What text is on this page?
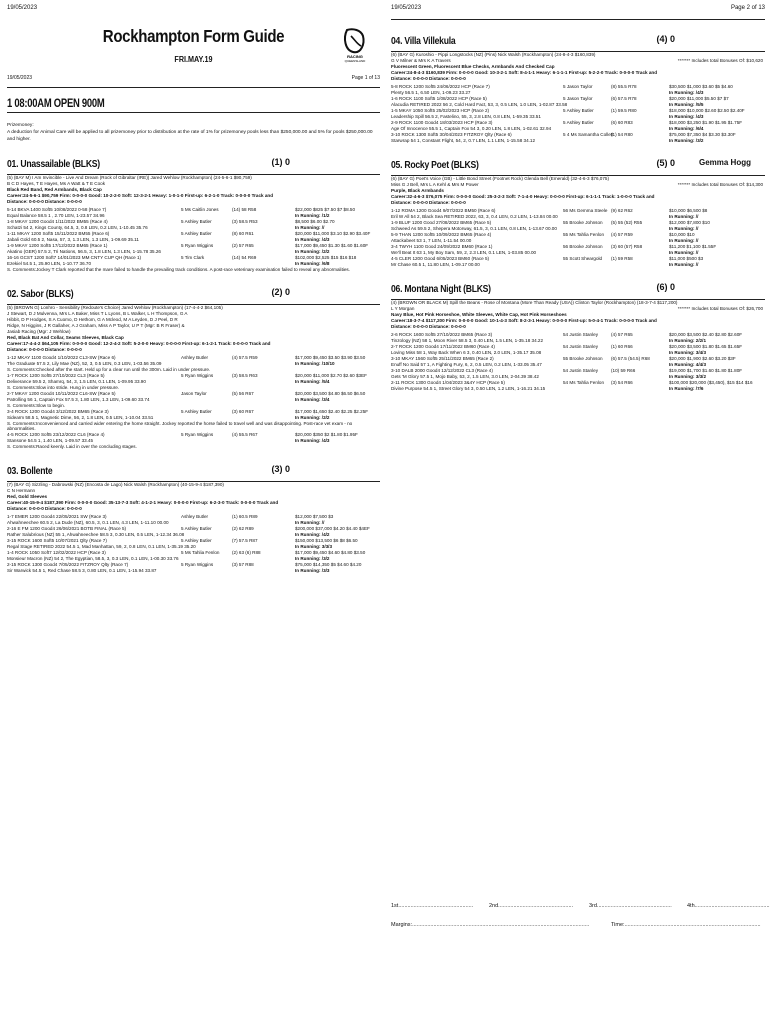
19/05/2023
Rockhampton Form Guide
FRI.MAY.19
19/05/2023	Page 1 of 13
1 08:00AM OPEN 900M
Prizemoney:
A deduction for Animal Care will be applied to all prizemoney prior to distribution at the rate of 1% for prizemoney pools less than $250,000.00 and 5% for pools $250,000.00 and higher.
01. Unassailable (BLKS)	(1) 0
(5) (BAY M) I Am Invincible - Live And Dream (Rock of Gibraltar (IRE)) Jared Wehlow (Rockhampton) (24-5-6-1 $90,759)
B C D Hayes, T E Hayes, Ms A Watt & T E Cook
Black Red Band, Red Armbands, Black Cap
Career:24-5-6-1 $90,759 Firm: 0-0-0-0 Good: 10-2-2-0 Soft: 12-3-2-1 Heavy: 1-0-1-0 First-up: 6-2-1-0 Track: 0-0-0-0 Track and
Distance: 0-0-0-0 Distance: 0-0-0-0
5-14 BKVA 1400 Soft5 10/08/2022 0-58 (Race 7)	5 Ms Caitlin Jones	(14) 58 R58	$22,000 $825 $7.50 $7 $8.50
Equal Balance 58.5 1 , 2.70 LEN, 1-23.57 34.96	In Running: /1/2
1-8 MKAY 1200 Good4 1/11/2022 BM55 (Race 4)	5 Ashley Butler	(3) 58.5 R53	$8,500 $6.00 $2.70
Schatzi 54 2, Kings County, 64.5, 3, 0.8 LEN, 0.2 LEN, 1-10.45 35.76	In Running: //
1-11 MKAY 1200 Soft5 15/11/2022 BM55 (Race 6)	5 Ashley Butler	(8) 60 R61	$20,000 $11,000 $3.10 $2.90 $3.40F
Jabali Gold 60.5 2, Nasa, 57, 3, 1.3 LEN, 1.3 LEN, 1-09.69 35.11	In Running: /4/3
1-9 MKAY 1200 Soft5 17/12/2022 BM65 (Race 1)	5 Ryan Wiggins	(2) 57 R65	$17,000 $9,450 $1.30 $1.60 $1.60F
Akatino (GER) 57.5 2, Tri Nations, 56.5, 3, 1.8 LEN, 1.3 LEN, 1-15.78 35.26	In Running: /2/2
16-16 GCST 1200 Soft7 14/01/2023 MM CNTY CUP QH (Race 1)	5 Tim Clark	(14) 54 R69	$102,000 $2,525 $15 $16 $18
Ezekiel 54.5 1, 25.90 LEN, 1-10.77 36.70	In Running: /6/8
S. Comments:Jockey T Clark reported that the mare failed to handle the prevailing track conditions. A post-race veterinary examination failed to reveal any abnormalities.
02. Sabor (BLKS)	(2) 0
(5) (BROWN G) Lonhro - Sensibility (Redoute's Choice) Jared Wehlow (Rockhampton) (17-4-4-2 $64,105)
J Stewart, D J Mulvenna, Mrs L A Baker, Miss T L Lyons, B L Walker, L H Thompson, G A
Hibbit, D P Hodges, S A Cuomo, D Hethom, G A Mcleod, M A Leyden, D J Peel, D R
Ridge, N Higgins, J R Gallaher, A J Graham, Miss A P Taylor, U P T (Mgr: B R Fraser) &
Jasiab Racing (Mgr: J Wehlow)
Red, Black Bat And Collar, Seams Sleeves, Black Cap
Career:17-4-4-2 $64,105 Firm: 0-0-0-0 Good: 12-2-4-2 Soft: 5-2-0-0 Heavy: 0-0-0-0 First-up: 6-1-2-1 Track: 0-0-0-0 Track and
Distance: 0-0-0-0 Distance: 0-0-0-0
1-12 MKAY 1100 Good4 1/10/2022 CL3-SW (Race 6)	Ashley Butler	(4) 57.5 R59	$17,000 $9,450 $3.50 $3.90 $3.50
The Graduate 57.5 2, Lily Mae (NZ), 52, 3, 0.5 LEN, 0.3 LEN, 1-03.56 35.09	In Running: /10/10
S. Comments:Checked after the start. Held up for a clear run until the 300m. Laid in under pressure.
1-7 ROCK 1200 Soft5 27/10/2022 CL3 (Race 5)	5 Ryan Wiggins	(3) 58.5 R63	$20,000 $11,000 $2.70 $2.60 $3EF
Deliverance 59.5 2, Shamrq, 54, 3, 1.5 LEN, 0.1 LEN, 1-09.95 33.90	In Running: /5/4
S. Comments:Slow into stride. Hung in under pressure.
2-7 MKAY 1200 Good4 10/11/2022 CL6-SW (Race 5)	Jason Taylor	(5) 56 R67	$20,000 $3,500 $4.80 $6.50 $6.50
Patrolling 56 1, Captain Fox 57.5 3, 1.80 LEN, 1.3 LEN, 1-09.60 33.74	In Running: /3/4
S. Comments:Slow to begin.
3-4 ROCK 1200 Good4 3/12/2022 BM65 (Race 3)	5 Ashley Butler	(3) 60 R67	$17,000 $1,650 $2.40 $2.25 $2.25F
Sidearm 58.5 1, Magnetic Dime, 56, 2, 1.8 LEN, 0.5 LEN, 1-10.04 33.51	In Running: /2/2
S. Comments:Inconvenienced and carried wider entering the home straight. Jockey reported the horse failed to travel well and was disappointing. Post-race vet exam - no abnormalities.
4-5 ROCK 1200 Soft5 23/12/2022 CL6 (Race 4)	5 Ryan Wiggins	(4) 55.5 R67	$20,000 $350 $2 $1.80 $1.95F
Stansone 54.5 1, 1.40 LEN, 1-09.57 33.45	In Running: /4/3
S. Comments:Raced keenly. Laid in over the concluding stages.
03. Bollente	(3) 0
(7) (BAY G) Sizzling - Dabrowski (NZ) (Encosta de Lago) Nick Walsh (Rockhampton) (40-15-9-4 $187,390)
C N Hermann
Red, Gold Sleeves
Career:40-15-9-4 $187,390 Firm: 0-0-0-0 Good: 35-13-7-3 Soft: 4-1-2-1 Heavy: 0-0-0-0 First-up: 6-2-3-0 Track: 0-0-0-0 Track and
Distance: 0-0-0-0 Distance: 0-0-0-0
1-7 EMER 1200 Good4 22/05/2021 SW (Race 3)	Ashley Butler	(1) 60.5 R89	$12,000 $7,500 $3
Ahwahneechee 60.5 2, La Dude (NZ), 60.5, 3, 0.1 LEN, 4.3 LEN, 1-11.10 00.00	In Running: //
2-16 E FM 1200 Good4 26/06/2021 BOTB FINAL (Race 5)	5 Ashley Butler	(2) 62 R89	$200,000 $37,000 $4.20 $4.40 $4EF
Rather Salubrious (NZ) 55 1, Ahwahneechee 58.5 3, 0.30 LEN, 0.5 LEN, 1-12.34 36.08	In Running: /4/2
3-15 ROCK 1600 Soft5 10/07/2021 Qlty (Race 7)	5 Ashley Butler	(7) 57.5 R87	$150,000 $13,500 $6 $8 $6.50
Regal Stage RETIRED 2022 54.5 1, Mad Manhattan, 59, 2, 0.8 LEN, 0.1 LEN, 1-35.19 35.20	In Running: 3/3/3
1-4 ROCK 1050 Soft7 12/02/2022 HCP (Race 3)	5 Ms Tahlia Fenlon	(2) 63 (6) R88	$17,000 $9,450 $4.60 $4.80 $3.50
Monsieur Macron (NZ) 54 2, The Egyptian, 58.5, 3, 0.3 LEN, 0.1 LEN, 1-00.30 33.76	In Running: /3/2
2-15 ROCK 1300 Good4 7/05/2022 FITZROY Qlty (Race 7)	5 Ryan Wiggins	(3) 57 R88	$75,000 $14,350 $5 $4.60 $4.20
Sir Warwick 54.5 1, Red Chase 58.5 3, 0.80 LEN, 0.1 LEN, 1-15.94 33.87	In Running: /3/3
RACING
QUEENSLAND
19/05/2023	Page 2 of 13
04. Villa Villekula	(4) 0
(6) (BAY G) Kuroshio - Pippi Longstocks (NZ) (Pins) Nick Walsh (Rockhampton) (24-8-4-3 $160,839)
G V Milner & Mrs K A Travers	******* Includes total Bonuses Of: $10,620
Fluorescent Green, Fluorescent Blue Checks, Armbands And Checked Cap
Career:24-8-4-3 $160,839 Firm: 0-0-0-0 Good: 10-3-2-1 Soft: 8-4-1-1 Heavy: 6-1-1-1 First-up: 5-2-2-0 Track: 0-0-0-0 Track and
Distance: 0-0-0-0 Distance: 0-0-0-0
5-8 ROCK 1200 Soft5 24/06/2022 HCP (Race 7)	5 Jason Taylor	(8) 55.5 R78	$30,500 $1,000 $3.60 $5 $4.60
Plenty 56.5 1, 6.50 LEN, 1-09.23 33.27	In Running: /4/3
1-6 ROCK 1100 Soft5 1/08/2022 HCP (Race 5)	5 Jason Taylor	(6) 57.5 R78	$20,000 $11,000 $5.50 $7 $7
Alacudia RETIRED 2022 56 2, Cold Hard Fact, 53, 3, 0.5 LEN, 1.0 LEN, 1-02.87 33.58	In Running: /5/5
1-5 MKAY 1050 Soft5 25/02/2023 HCP (Race 2)	5 Ashley Butler	(1) 59.5 R80	$18,000 $10,000 $2.60 $2.50 $2.40F
Leadership Spill 56.5 2, Fastelino, 55, 3, 2.8 LEN, 0.8 LEN, 1-59.35 33.51	In Running: /4/3
2-9 ROCK 1100 Good4 18/03/2023 HCP (Race 3)	5 Ashley Butler	(6) 60 R83	$18,000 $3,250 $1.90 $1.95 $1.75F
Age Of Innocence 55.5 1, Captain Fox 54 3, 0.20 LEN, 1.8 LEN, 1-02.61 32.94	In Running: /6/4
3-10 ROCK 1300 Soft5 30/04/2023 FITZROY Qlty (Race 6)	5 4 Ms Samantha Collett
(1) 54 R80	$75,000 $7,350 $4 $3.30 $3.30F
Starwrap 54 1, Constant Flight, 54, 2, 0.7 LEN, 1.1 LEN, 1-15.58 34.12	In Running: /3/2
05. Rocky Poet (BLKS)	(5) 0	Gemma Hogg
(6) (BAY G) Poet's Voice (GB) - Little Bond Street (Footnet Rock) Glenda Bell (Emerald) (32-4-6-3 $76,075)
Miss G J Bell, Mrs L A Kehl & Mrs M Power	******* Includes total Bonuses Of: $14,300
Purple, Black Armbands
Career:32-4-6-3 $76,075 Firm: 0-0-0-0 Good: 25-3-2-3 Soft: 7-1-4-0 Heavy: 0-0-0-0 First-up: 6-1-1-1 Track: 1-0-0-0 Track and
Distance: 0-0-0-0 Distance: 0-0-0-0
1-12 ROMA 1200 Good4 9/07/2022 BM50 (Race 6)	56 Ms Gemma Steele (9) 62 R62	$10,000 $6,500 $8
Eril W All 54 2, Black Sea RETIRED 2022, 63, 3, 0.4 LEN, 0.2 LEN, 1-13.84 00.00	In Running: //
1-9 BLUF 1200 Good 27/08/2022 BM65 (Race 5)	55 Brooke Johnson	(5) 55 (52) R55	$12,000 $7,800 $10
Schweed As 59.5 2, Shepera Motorway, 61.5, 3, 0.1 LEN, 0.8 LEN, 1-13.67 00.00	In Running: //
5-9 THAN 1200 Soft5 10/09/2022 BM65 (Race 4)	55 Ms Tahlia Fenlon	(4) 57 R59	$10,000 $10
Attackabeet 53 1, 7 LEN, 1-11.54 00.00	In Running: //
3-4 TWYH 1100 Good 24/09/2022 BM60 (Race 1)	56 Brooke Johnson	(3) 60 (57) R58	$11,200 $1,100 $1.55F
We'll Beat It 63 1, My Boy Sam, 59, 2, 2.3 LEN, 0.1 LEN, 1-03.85 00.00	In Running: //
4-5 CLER 1200 Good 6/05/2023 BM60 (Race 5)	55 Scott Sheargold	(1) 59 R58	$11,000 $500 $3
Mr Chase 60.5 1, 11.80 LEN, 1-09.17 00.00	In Running: //
06. Montana Night (BLKS)	(6) 0
(4) (BROWN OR BLACK M) Spill the Beans - Rose of Montana (More Than Ready (USA)) Clinton Taylor (Rockhampton) (18-3-7-4 $117,200)
L Y Morgan	******* Includes total Bonuses Of: $26,700
Navy Blue, Hot Pink Horseshoe, White Sleeves, White Cap, Hot Pink Horseshoes
Career:18-3-7-4 $117,200 Firm: 0-0-0-0 Good: 10-1-4-3 Soft: 8-2-3-1 Heavy: 0-0-0-0 First-up: 5-0-4-1 Track: 0-0-0-0 Track and
Distance: 0-0-0-0 Distance: 0-0-0-0
2-6 ROCK 1600 Soft5 27/10/2022 BM65 (Race 3)	54 Justin Stanley	(4) 57 R65	$20,000 $3,500 $2.40 $2.80 $2.60F
Tinzology (NZ) 58 1, Moon River 58.5 3, 0.40 LEN, 1.5 LEN, 1-35.18 34.22	In Running: 2/2/1
2-7 ROCK 1200 Good4 17/11/2022 BM60 (Race 4)	54 Justin Stanley	(1) 60 R66	$20,000 $3,500 $1.80 $1.65 $1.65F
Loving Miss 58 1, Way Back When 6 3, 0.40 LEN, 2.0 LEN, 1-35.17 35.08	In Running: 3/4/3
3-10 MKAY 1560 Soft5 25/11/2022 BM65 (Race 2)	55 Brooke Johnson	(6) 57.5 (54.5) R68	$20,000 $1,900 $2.60 $3.20 $3F
Enuff No Said 57 1, A Fighting Fury, 6, 2, 0.5 LEN, 0.2 LEN, 1-33.05 35.47	In Running: 4/4/3
3-10 DALB 2000 Good4 12/12/2022 CL3 (Race 4)	54 Justin Stanley	(10) 59 R66	$19,000 $1,700 $1.60 $1.80 $1.80F
Gets 'M Glory 57.5 1, Mojo Baby, 53, 2, 1.5 LEN, 3.0 LEN, 2-04.39 38.42	In Running: 3/3/2
2-11 ROCK 1300 Good4 1/04/2023 3&4Y HCP (Race 5)	54 Ms Tahlia Fenlon	(3) 54 R66	$100,000 $20,000 ($3,450), $15 $14 $16
Divine Purpose 54.5 1, Street Glory 54 3, 0.50 LEN, 1.2 LEN, 1-16.21 34.15	In Running: /7/6
1st.................................................	2nd.................................................	3rd.................................................	4th.................................................
Margins:....................................................................................................................	Time:.........................................................................................
